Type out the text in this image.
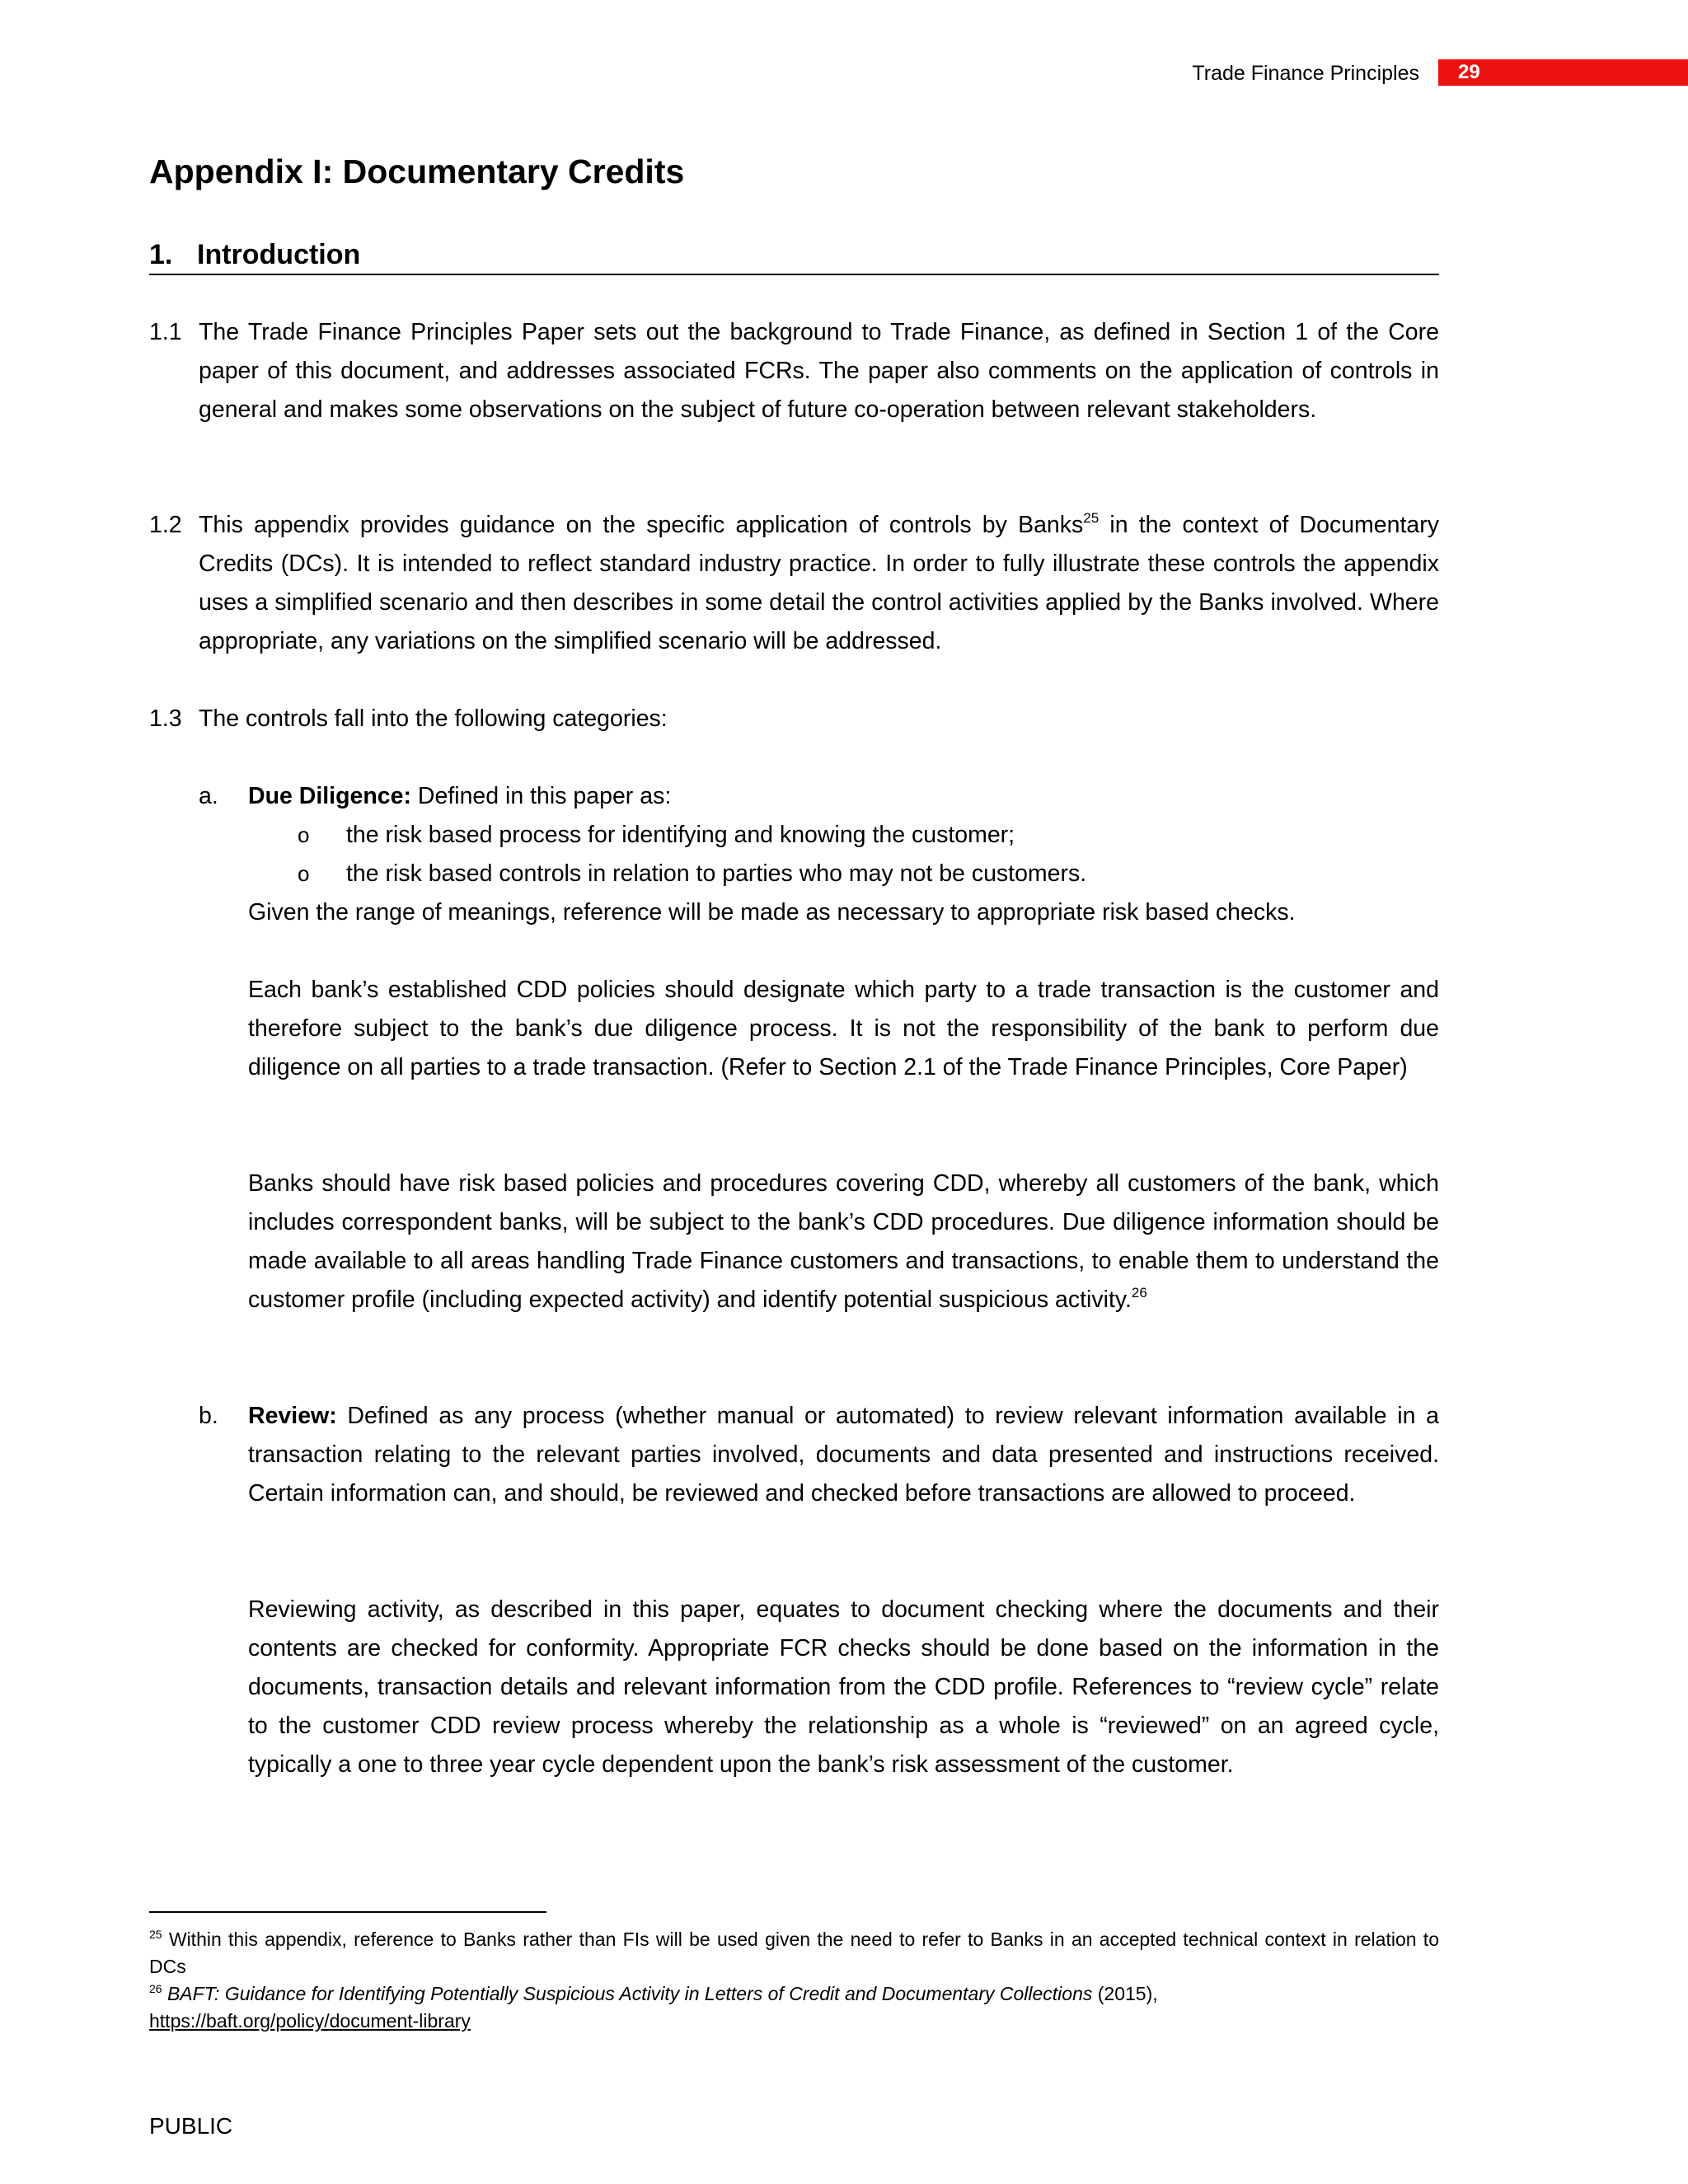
Trade Finance Principles 29
Appendix I: Documentary Credits
1. Introduction
1.1 The Trade Finance Principles Paper sets out the background to Trade Finance, as defined in Section 1 of the Core paper of this document, and addresses associated FCRs. The paper also comments on the application of controls in general and makes some observations on the subject of future co-operation between relevant stakeholders.
1.2 This appendix provides guidance on the specific application of controls by Banks$^{25}$ in the context of Documentary Credits (DCs). It is intended to reflect standard industry practice. In order to fully illustrate these controls the appendix uses a simplified scenario and then describes in some detail the control activities applied by the Banks involved. Where appropriate, any variations on the simplified scenario will be addressed.
1.3 The controls fall into the following categories:
a. Due Diligence: Defined in this paper as:
o the risk based process for identifying and knowing the customer;
o the risk based controls in relation to parties who may not be customers.
Given the range of meanings, reference will be made as necessary to appropriate risk based checks.
Each bank’s established CDD policies should designate which party to a trade transaction is the customer and therefore subject to the bank’s due diligence process. It is not the responsibility of the bank to perform due diligence on all parties to a trade transaction. (Refer to Section 2.1 of the Trade Finance Principles, Core Paper)
Banks should have risk based policies and procedures covering CDD, whereby all customers of the bank, which includes correspondent banks, will be subject to the bank’s CDD procedures. Due diligence information should be made available to all areas handling Trade Finance customers and transactions, to enable them to understand the customer profile (including expected activity) and identify potential suspicious activity.$^{26}$
b. Review: Defined as any process (whether manual or automated) to review relevant information available in a transaction relating to the relevant parties involved, documents and data presented and instructions received. Certain information can, and should, be reviewed and checked before transactions are allowed to proceed.
Reviewing activity, as described in this paper, equates to document checking where the documents and their contents are checked for conformity. Appropriate FCR checks should be done based on the information in the documents, transaction details and relevant information from the CDD profile. References to “review cycle” relate to the customer CDD review process whereby the relationship as a whole is “reviewed” on an agreed cycle, typically a one to three year cycle dependent upon the bank’s risk assessment of the customer.
$^{25}$ Within this appendix, reference to Banks rather than FIs will be used given the need to refer to Banks in an accepted technical context in relation to DCs
$^{26}$ BAFT: Guidance for Identifying Potentially Suspicious Activity in Letters of Credit and Documentary Collections (2015),
https://baft.org/policy/document-library
PUBLIC
